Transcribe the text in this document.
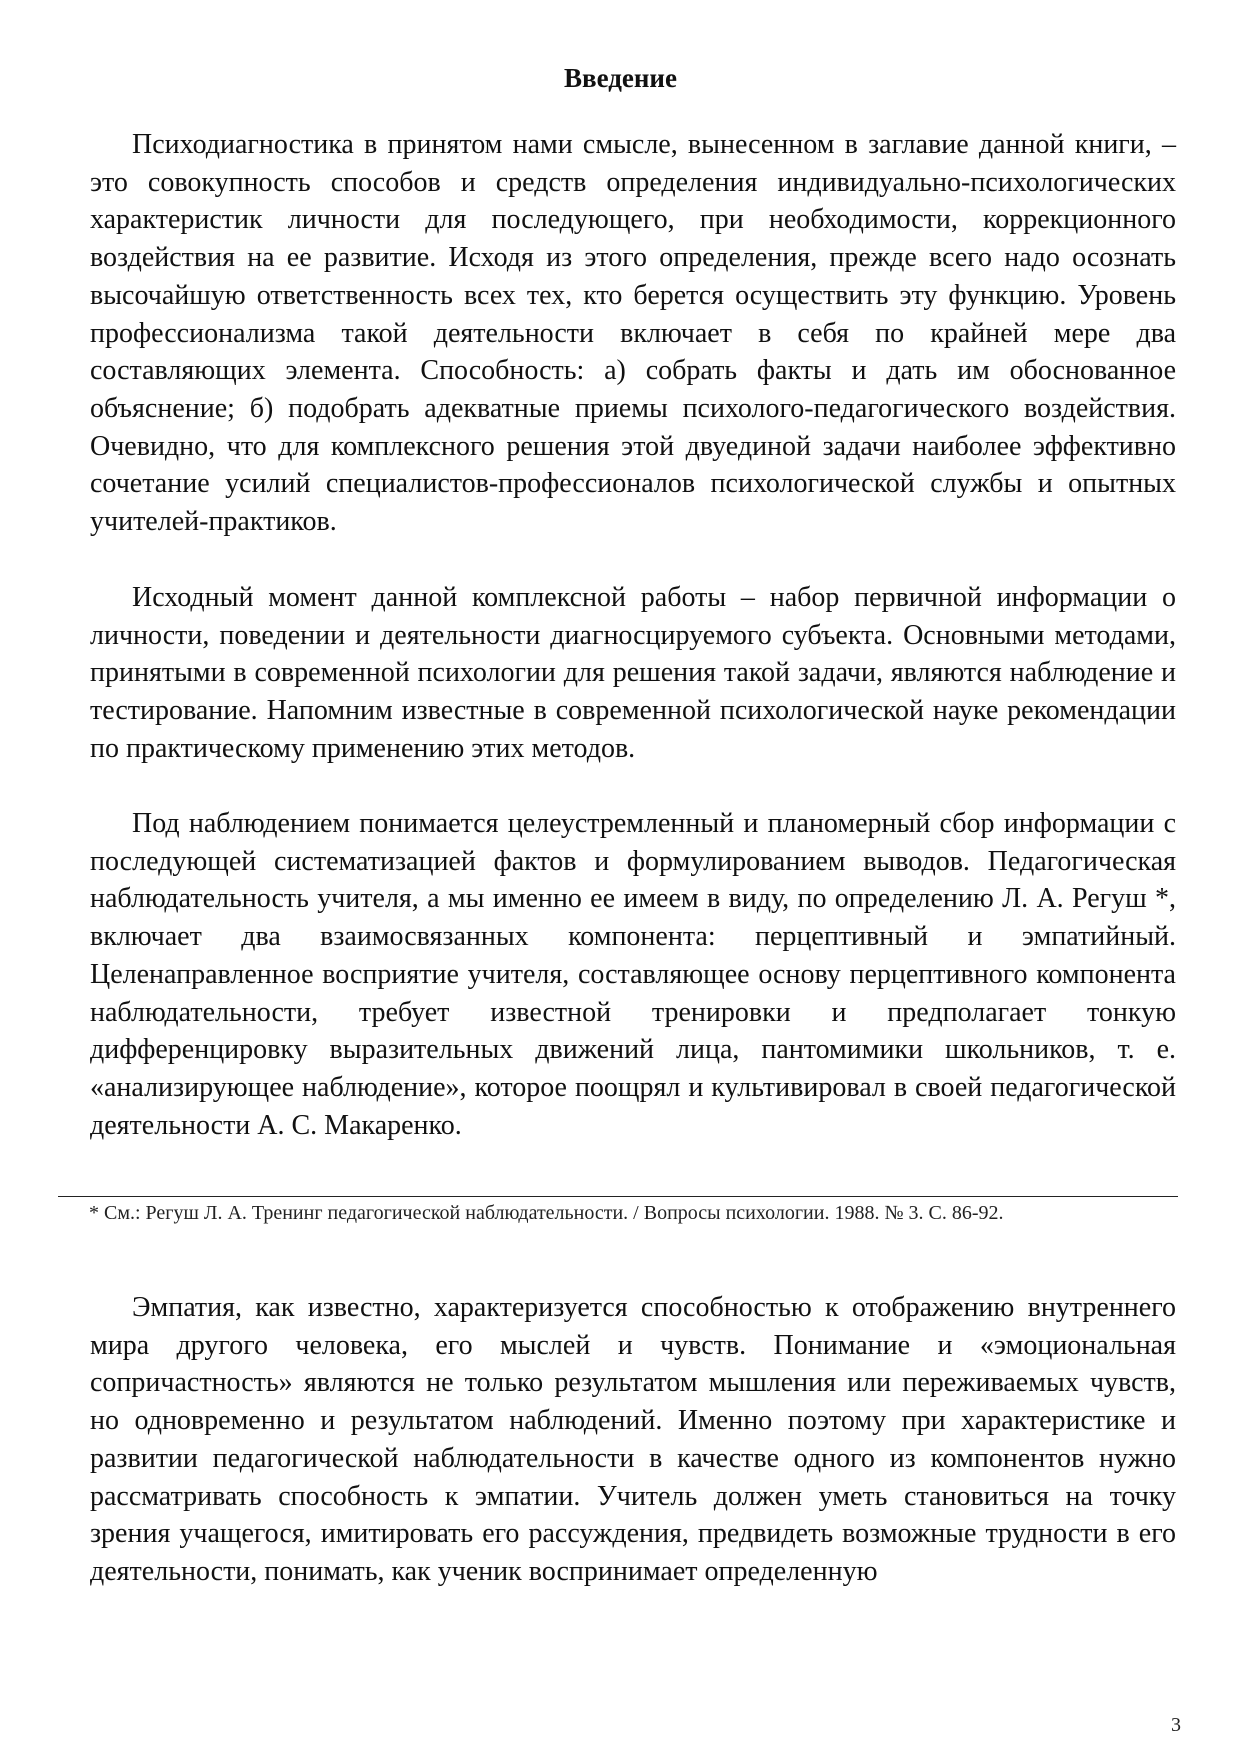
Введение

Психодиагностика в принятом нами смысле, вынесенном в заглавие данной книги, – это совокупность способов и средств определения индивидуально-психологических характеристик личности для последующего, при необходимости, коррекционного воздействия на ее развитие. Исходя из этого определения, прежде всего надо осознать высочайшую ответственность всех тех, кто берется осуществить эту функцию. Уровень профессионализма такой деятельности включает в себя по крайней мере два составляющих элемента. Способность: а) собрать факты и дать им обоснованное объяснение; б) подобрать адекватные приемы психолого-педагогического воздействия. Очевидно, что для комплексного решения этой двуединой задачи наиболее эффективно сочетание усилий специалистов-профессионалов психологической службы и опытных учителей-практиков.

Исходный момент данной комплексной работы – набор первичной информации о личности, поведении и деятельности диагносцируемого субъекта. Основными методами, принятыми в современной психологии для решения такой задачи, являются наблюдение и тестирование. Напомним известные в современной психологической науке рекомендации по практическому применению этих методов.

Под наблюдением понимается целеустремленный и планомерный сбор информации с последующей систематизацией фактов и формулированием выводов. Педагогическая наблюдательность учителя, а мы именно ее имеем в виду, по определению Л. А. Регуш *, включает два взаимосвязанных компонента: перцептивный и эмпатийный. Целенаправленное восприятие учителя, составляющее основу перцептивного компонента наблюдательности, требует известной тренировки и предполагает тонкую дифференцировку выразительных движений лица, пантомимики школьников, т. е. «анализирующее наблюдение», которое поощрял и культивировал в своей педагогической деятельности А. С. Макаренко.

* См.: Регуш Л. А. Тренинг педагогической наблюдательности. / Вопросы психологии. 1988. № 3. С. 86-92.

Эмпатия, как известно, характеризуется способностью к отображению внутреннего мира другого человека, его мыслей и чувств. Понимание и «эмоциональная сопричастность» являются не только результатом мышления или переживаемых чувств, но одновременно и результатом наблюдений. Именно поэтому при характеристике и развитии педагогической наблюдательности в качестве одного из компонентов нужно рассматривать способность к эмпатии. Учитель должен уметь становиться на точку зрения учащегося, имитировать его рассуждения, предвидеть возможные трудности в его деятельности, понимать, как ученик воспринимает определенную

3
